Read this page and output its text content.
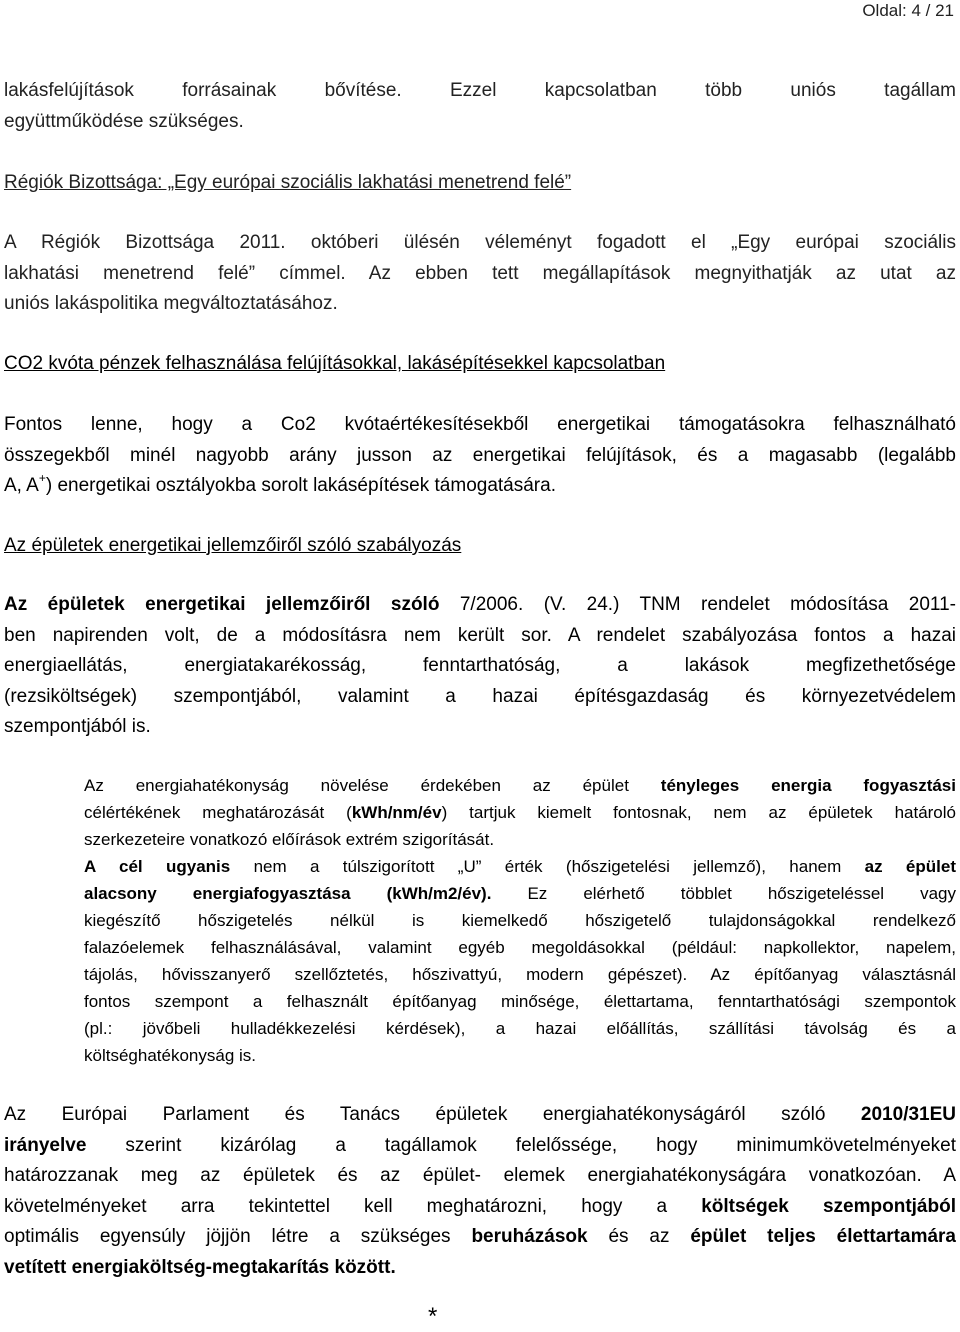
Oldal: 4 / 21
lakásfelújítások forrásainak bővítése. Ezzel kapcsolatban több uniós tagállam
együttműködése szükséges.
Régiók Bizottsága: „Egy európai szociális lakhatási menetrend felé”
A Régiók Bizottsága 2011. októberi ülésén véleményt fogadott el „Egy európai szociális
lakhatási menetrend felé” címmel. Az ebben tett megállapítások megnyithatják az utat az
uniós lakáspolitika megváltoztatásához.
CO2 kvóta pénzek felhasználása felújításokkal, lakásépítésekkel kapcsolatban
Fontos lenne, hogy a Co2 kvótaértékesítésekből energetikai támogatásokra felhasználható
összegekből minél nagyobb arány jusson az energetikai felújítások, és a magasabb (legalább
A, A+) energetikai osztályokba sorolt lakásépítések támogatására.
Az épületek energetikai jellemzőiről szóló szabályozás
Az épületek energetikai jellemzőiről szóló 7/2006. (V. 24.) TNM rendelet módosítása 2011-
ben napirenden volt, de a módosításra nem került sor. A rendelet szabályozása fontos a hazai
energiaellátás, energiatakarékosság, fenntarthatóság, a lakások megfizethetősége
(rezsiköltségek) szempontjából, valamint a hazai építésgazdaság és környezetvédelem
szempontjából is.
Az energiahatékonyság növelése érdekében az épület tényleges energia fogyasztási
célértékének meghatározását (kWh/nm/év) tartjuk kiemelt fontosnak, nem az épületek határoló
szerkezeteire vonatkozó előírások extrém szigorítását.
A cél ugyanis nem a túlszigorított „U” érték (hőszigetelési jellemző), hanem az épület
alacsony energiafogyasztása (kWh/m2/év). Ez elérhető többlet hőszigeteléssel vagy
kiegészítő hőszigetelés nélkül is kiemelkedő hőszigetelő tulajdonságokkal rendelkező
falazóelemek felhasználásával, valamint egyéb megoldásokkal (például: napkollektor, napelem,
tájolás, hővisszanyerő szellőztetés, hőszivattyú, modern gépészet). Az építőanyag választásnál
fontos szempont a felhasznált építőanyag minősége, élettartama, fenntarthatósági szempontok
(pl.: jövőbeli hulladékkezelési kérdések), a hazai előállítás, szállítási távolság és a
költséghatékonyság is.
Az Európai Parlament és Tanács épületek energiahatékonyságáról szóló 2010/31EU
irányelve szerint kizárólag a tagállamok felelőssége, hogy minimumkövetelményeket
határozzanak meg az épületek és az épület- elemek energiahatékonyságára vonatkozóan. A
követelményeket arra tekintettel kell meghatározni, hogy a költségek szempontjából
optimális egyensúly jöjjön létre a szükséges beruházások és az épület teljes élettartamára
vetített energiaköltség-megtakarítás között.
*
